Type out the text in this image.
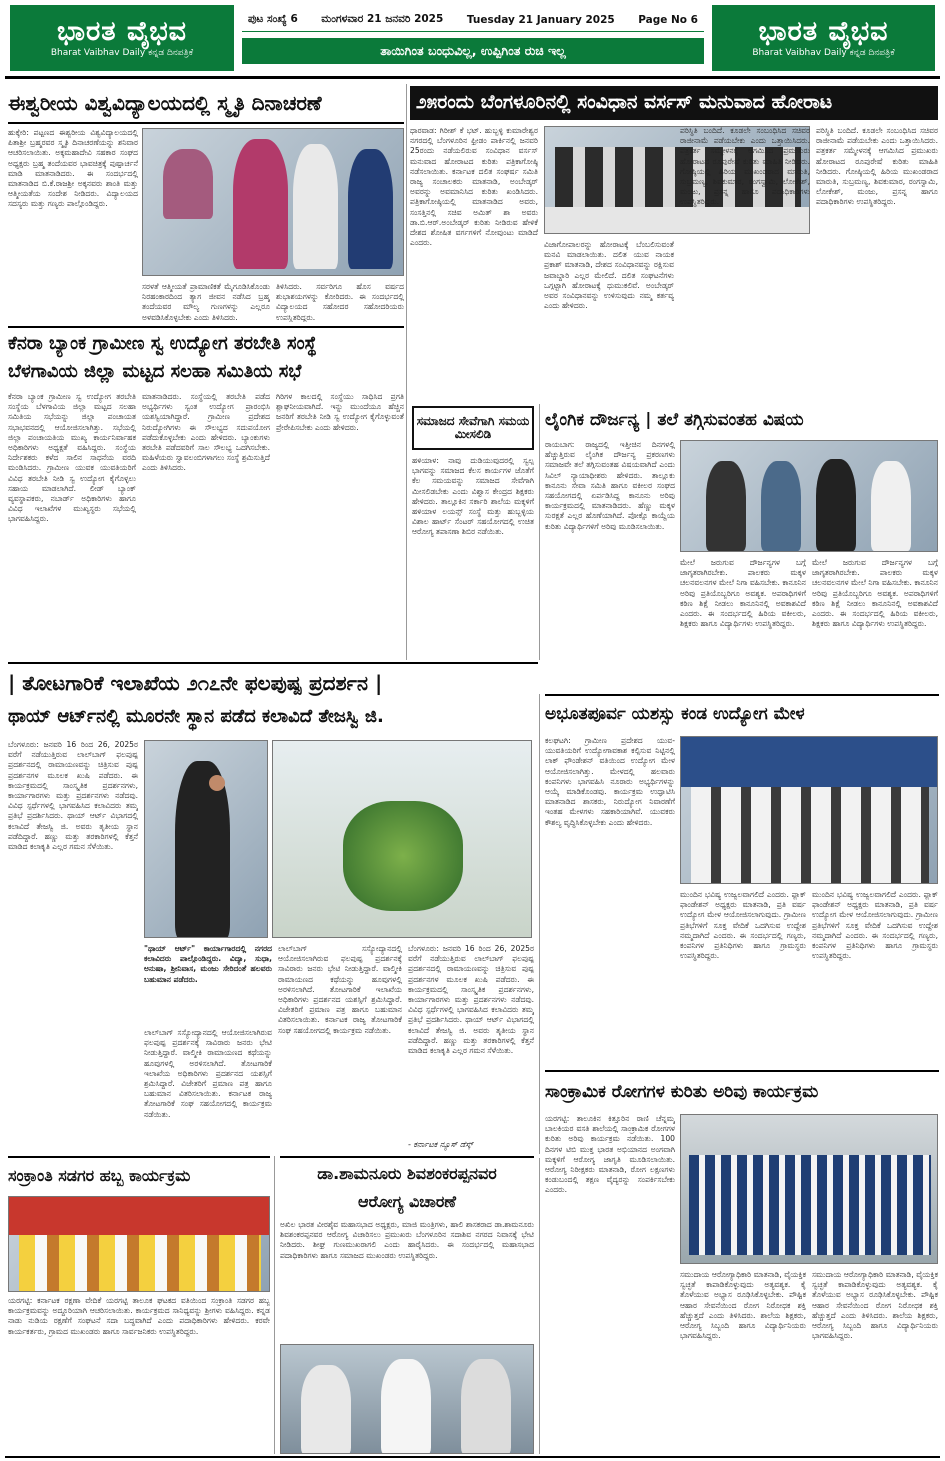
ಭಾರತ ವೈಭವ
Bharat Vaibhav Daily ಕನ್ನಡ ದಿನಪತ್ರಿಕೆ
ಭಾರತ ವೈಭವ
Bharat Vaibhav Daily ಕನ್ನಡ ದಿನಪತ್ರಿಕೆ
ಪುಟ ಸಂಖ್ಯೆ 6 ಮಂಗಳವಾರ 21 ಜನವರಿ 2025 Tuesday 21 January 2025 Page No 6
ತಾಯಿಗಿಂತ ಬಂಧುವಿಲ್ಲ, ಉಪ್ಪಿಗಿಂತ ರುಚಿ ಇಲ್ಲ
ಈಶ್ವರೀಯ ವಿಶ್ವವಿದ್ಯಾಲಯದಲ್ಲಿ ಸ್ಮೃತಿ ದಿನಾಚರಣೆ
ಹುಕ್ಕೇರಿ: ಪಟ್ಟಣದ ಈಶ್ವರೀಯ ವಿಶ್ವವಿದ್ಯಾಲಯದಲ್ಲಿ ಪಿತಾಶ್ರೀ ಬ್ರಹ್ಮರವರ ಸ್ಮೃತಿ ದಿನಾಚರಣೆಯನ್ನು ಶನಿವಾರ ಆಚರಿಸಲಾಯಿತು. ಅಕ್ಕಮಹಾದೇವಿ ಸಹಕಾರ ಸಂಘದ ಅಧ್ಯಕ್ಷರು ಬ್ರಹ್ಮ ತಂದೆಯವರ ಭಾವಚಿತ್ರಕ್ಕೆ ಪುಷ್ಪಾರ್ಚನೆ ಮಾಡಿ ಮಾತನಾಡಿದರು. ಈ ಸಂದರ್ಭದಲ್ಲಿ ಮಾತನಾಡಿದ ಬಿ.ಕೆ.ರಾಜಶ್ರೀ ಅಕ್ಕನವರು ಶಾಂತಿ ಮತ್ತು ಆತ್ಮೀಯತೆಯ ಸಂದೇಶ ನೀಡಿದರು. ವಿದ್ಯಾಲಯದ ಸದಸ್ಯರು ಮತ್ತು ಗಣ್ಯರು ಪಾಲ್ಗೊಂಡಿದ್ದರು.
ಸರಳತೆ ಆತ್ಮೀಯತೆ ಪ್ರಾಮಾಣಿಕತೆ ಮೈಗೂಡಿಸಿಕೊಂಡು ನಿರಹಂಕಾರದಿಂದ ತ್ಯಾಗ ಜೀವನ ನಡೆಸಿದ ಬ್ರಹ್ಮ ತಂದೆಯವರ ಮೌಲ್ಯ ಗುಣಗಳನ್ನು ಎಲ್ಲರೂ ಅಳವಡಿಸಿಕೊಳ್ಳಬೇಕು ಎಂದು ತಿಳಿಸಿದರು.
ತಿಳಿಸಿದರು. ಸರ್ವರಿಗೂ ಹೊಸ ವರ್ಷದ ಶುಭಾಶಯಗಳನ್ನು ಕೋರಿದರು. ಈ ಸಂದರ್ಭದಲ್ಲಿ ವಿದ್ಯಾಲಯದ ಸಹೋದರ ಸಹೋದರಿಯರು ಉಪಸ್ಥಿತರಿದ್ದರು.
೨೫ರಂದು ಬೆಂಗಳೂರಿನಲ್ಲಿ ಸಂವಿಧಾನ ವರ್ಸಸ್ ಮನುವಾದ ಹೋರಾಟ
ಧಾರವಾಡ: ಗಿರೀಶ್ ಕೆ ಭಟ್. ಹುಬ್ಬಳ್ಳಿ ಕುಮಾರೇಶ್ವರ ನಗರದಲ್ಲಿ ಬೆಂಗಳೂರಿನ ಫ್ರೀಡಂ ಪಾರ್ಕಿನಲ್ಲಿ ಜನವರಿ 25ರಂದು ನಡೆಯಲಿರುವ ಸಂವಿಧಾನ ವರ್ಸಸ್ ಮನುವಾದ ಹೋರಾಟದ ಕುರಿತು ಪತ್ರಿಕಾಗೋಷ್ಠಿ ನಡೆಸಲಾಯಿತು. ಕರ್ನಾಟಕ ದಲಿತ ಸಂಘರ್ಷ ಸಮಿತಿ ರಾಜ್ಯ ಸಂಚಾಲಕರು ಮಾತನಾಡಿ, ಅಂಬೇಡ್ಕರ್ ಅವರನ್ನು ಅವಮಾನಿಸಿದ ಕುರಿತು ಖಂಡಿಸಿದರು. ಪತ್ರಿಕಾಗೋಷ್ಠಿಯಲ್ಲಿ ಮಾತನಾಡಿದ ಅವರು, ಸಂಸತ್ತಿನಲ್ಲಿ ಸಚಿವ ಅಮಿತ್ ಶಾ ಅವರು ಡಾ.ಬಿ.ಆರ್.ಅಂಬೇಡ್ಕರ್ ಕುರಿತು ನೀಡಿರುವ ಹೇಳಿಕೆ ದೇಶದ ಶೋಷಿತ ವರ್ಗಗಳಿಗೆ ನೋವುಂಟು ಮಾಡಿದೆ ಎಂದರು.	ವಿಜಾಗೋಪಾಲರನ್ನು ಹೋರಾಟಕ್ಕೆ ಬೆಂಬಲಿಸುವಂತೆ ಮನವಿ ಮಾಡಲಾಯಿತು. ದಲಿತ ಯುವ ನಾಯಕ ಪ್ರಕಾಶ್ ಮಾತನಾಡಿ, ದೇಶದ ಸಂವಿಧಾನವನ್ನು ರಕ್ಷಿಸುವ ಜವಾಬ್ದಾರಿ ಎಲ್ಲರ ಮೇಲಿದೆ. ದಲಿತ ಸಂಘಟನೆಗಳು ಒಗ್ಗಟ್ಟಾಗಿ ಹೋರಾಟಕ್ಕೆ ಧುಮುಕಲಿವೆ. ಅಂಬೇಡ್ಕರ್ ಅವರ ಸಂವಿಧಾನವನ್ನು ಉಳಿಸುವುದು ನಮ್ಮ ಕರ್ತವ್ಯ ಎಂದು ಹೇಳಿದರು.
ಪರಿಸ್ಥಿತಿ ಬಂದಿದೆ. ಕೂಡಲೇ ಸಂಬಂಧಿಸಿದ ಸಚಿವರ ರಾಜೀನಾಮೆ ಪಡೆಯಬೇಕು ಎಂದು ಒತ್ತಾಯಿಸಿದರು. ಪತ್ರಕರ್ತ ಸಮ್ಮೇಳನಕ್ಕೆ ಆಗಮಿಸಿದ ಪ್ರಮುಖರು ಹೋರಾಟದ ರೂಪುರೇಷೆ ಕುರಿತು ಮಾಹಿತಿ ನೀಡಿದರು. ಗೋಷ್ಠಿಯಲ್ಲಿ ಹಿರಿಯ ಮುಖಂಡರಾದ ಮಾರುತಿ, ಸುಬ್ರಮಣ್ಯ, ಶಿವಕುಮಾರ, ರಂಗಸ್ವಾಮಿ, ಲೋಕೇಶ್, ಮಂಜು, ಪ್ರಸನ್ನ ಹಾಗೂ ಪದಾಧಿಕಾರಿಗಳು ಉಪಸ್ಥಿತರಿದ್ದರು.
ಪರಿಸ್ಥಿತಿ ಬಂದಿದೆ. ಕೂಡಲೇ ಸಂಬಂಧಿಸಿದ ಸಚಿವರ ರಾಜೀನಾಮೆ ಪಡೆಯಬೇಕು ಎಂದು ಒತ್ತಾಯಿಸಿದರು. ಪತ್ರಕರ್ತ ಸಮ್ಮೇಳನಕ್ಕೆ ಆಗಮಿಸಿದ ಪ್ರಮುಖರು ಹೋರಾಟದ ರೂಪುರೇಷೆ ಕುರಿತು ಮಾಹಿತಿ ನೀಡಿದರು. ಗೋಷ್ಠಿಯಲ್ಲಿ ಹಿರಿಯ ಮುಖಂಡರಾದ ಮಾರುತಿ, ಸುಬ್ರಮಣ್ಯ, ಶಿವಕುಮಾರ, ರಂಗಸ್ವಾಮಿ, ಲೋಕೇಶ್, ಮಂಜು, ಪ್ರಸನ್ನ ಹಾಗೂ ಪದಾಧಿಕಾರಿಗಳು ಉಪಸ್ಥಿತರಿದ್ದರು.
ಕೆನರಾ ಬ್ಯಾಂಕ ಗ್ರಾಮೀಣ ಸ್ವ ಉದ್ಯೋಗ ತರಬೇತಿ ಸಂಸ್ಥೆ
ಬೆಳಗಾವಿಯ ಜಿಲ್ಲಾ ಮಟ್ಟದ ಸಲಹಾ ಸಮಿತಿಯ ಸಭೆ
ಕೆನರಾ ಬ್ಯಾಂಕ ಗ್ರಾಮೀಣ ಸ್ವ ಉದ್ಯೋಗ ತರಬೇತಿ ಸಂಸ್ಥೆಯ ಬೆಳಗಾವಿಯ ಜಿಲ್ಲಾ ಮಟ್ಟದ ಸಲಹಾ ಸಮಿತಿಯ ಸಭೆಯನ್ನು ಜಿಲ್ಲಾ ಪಂಚಾಯತ ಸಭಾಭವನದಲ್ಲಿ ಆಯೋಜಿಸಲಾಗಿತ್ತು. ಸಭೆಯಲ್ಲಿ ಜಿಲ್ಲಾ ಪಂಚಾಯತಿಯ ಮುಖ್ಯ ಕಾರ್ಯನಿರ್ವಾಹಕ ಅಧಿಕಾರಿಗಳು ಅಧ್ಯಕ್ಷತೆ ವಹಿಸಿದ್ದರು. ಸಂಸ್ಥೆಯ ನಿರ್ದೇಶಕರು ಕಳೆದ ಸಾಲಿನ ಸಾಧನೆಯ ವರದಿ ಮಂಡಿಸಿದರು. ಗ್ರಾಮೀಣ ಯುವಕ ಯುವತಿಯರಿಗೆ ವಿವಿಧ ತರಬೇತಿ ನೀಡಿ ಸ್ವ ಉದ್ಯೋಗ ಕೈಗೊಳ್ಳಲು ಸಹಾಯ ಮಾಡಲಾಗಿದೆ. ಲೀಡ್ ಬ್ಯಾಂಕ್ ವ್ಯವಸ್ಥಾಪಕರು, ನಬಾರ್ಡ್ ಅಧಿಕಾರಿಗಳು ಹಾಗೂ ವಿವಿಧ ಇಲಾಖೆಗಳ ಮುಖ್ಯಸ್ಥರು ಸಭೆಯಲ್ಲಿ ಭಾಗವಹಿಸಿದ್ದರು.
ಮಾತನಾಡಿದರು. ಸಂಸ್ಥೆಯಲ್ಲಿ ತರಬೇತಿ ಪಡೆದ ಅಭ್ಯರ್ಥಿಗಳು ಸ್ವಂತ ಉದ್ಯೋಗ ಪ್ರಾರಂಭಿಸಿ ಯಶಸ್ವಿಯಾಗಿದ್ದಾರೆ. ಗ್ರಾಮೀಣ ಪ್ರದೇಶದ ನಿರುದ್ಯೋಗಿಗಳು ಈ ಸೌಲಭ್ಯದ ಸದುಪಯೋಗ ಪಡೆದುಕೊಳ್ಳಬೇಕು ಎಂದು ಹೇಳಿದರು. ಬ್ಯಾಂಕುಗಳು ತರಬೇತಿ ಪಡೆದವರಿಗೆ ಸಾಲ ಸೌಲಭ್ಯ ಒದಗಿಸಬೇಕು. ಮಹಿಳೆಯರು ಸ್ವಾವಲಂಬಿಗಳಾಗಲು ಸಂಸ್ಥೆ ಶ್ರಮಿಸುತ್ತಿದೆ ಎಂದು ತಿಳಿಸಿದರು.
ಗಿರಿಗಳ ಕಾಲದಲ್ಲಿ ಸಂಸ್ಥೆಯು ಸಾಧಿಸಿದ ಪ್ರಗತಿ ಶ್ಲಾಘನೀಯವಾಗಿದೆ. ಇನ್ನು ಮುಂದೆಯೂ ಹೆಚ್ಚಿನ ಜನರಿಗೆ ತರಬೇತಿ ನೀಡಿ ಸ್ವ ಉದ್ಯೋಗ ಕೈಗೊಳ್ಳುವಂತೆ ಪ್ರೇರೇಪಿಸಬೇಕು ಎಂದು ಹೇಳಿದರು.	ಸಮಾಜದ ಸೇವೆಗಾಗಿ ಸಮಯ ಮೀಸಲಿಡಿ
ಹಳಿಯಾಳ: ನಾವು ದುಡಿಯುವುದರಲ್ಲಿ ಸ್ವಲ್ಪ ಭಾಗವನ್ನು ಸಮಾಜದ ಕೆಲಸ ಕಾರ್ಯಗಳ ಜೊತೆಗೆ ಕೆಲ ಸಮಯವನ್ನು ಸಮಾಜದ ಸೇವೆಗಾಗಿ ಮೀಸಲಿಡಬೇಕು ಎಂದು ವಿಶ್ವಾಸ ಕೇಂದ್ರದ ಶಿಕ್ಷಕರು ಹೇಳಿದರು. ತಾಲ್ಲೂಕಿನ ಸರ್ಕಾರಿ ಶಾಲೆಯ ಮಕ್ಕಳಿಗೆ ಹಳಿಯಾಳ ಲಯನ್ಸ್ ಸಂಸ್ಥೆ ಮತ್ತು ಹುಬ್ಬಳ್ಳಿಯ ವಿಶಾಲ ಹಾರ್ಟ್ ಸೆಂಟರ್ ಸಹಯೋಗದಲ್ಲಿ ಉಚಿತ ಆರೋಗ್ಯ ತಪಾಸಣಾ ಶಿಬಿರ ನಡೆಯಿತು.
ಲೈಂಗಿಕ ದೌರ್ಜನ್ಯ | ತಲೆ ತಗ್ಗಿಸುವಂತಹ ವಿಷಯ
ರಾಯಬಾಗ: ರಾಜ್ಯದಲ್ಲಿ ಇತ್ತೀಚಿನ ದಿನಗಳಲ್ಲಿ ಹೆಚ್ಚುತ್ತಿರುವ ಲೈಂಗಿಕ ದೌರ್ಜನ್ಯ ಪ್ರಕರಣಗಳು ಸಮಾಜವೇ ತಲೆ ತಗ್ಗಿಸುವಂತಹ ವಿಷಯವಾಗಿದೆ ಎಂದು ಸಿವಿಲ್ ನ್ಯಾಯಾಧೀಶರು ಹೇಳಿದರು. ತಾಲ್ಲೂಕು ಕಾನೂನು ಸೇವಾ ಸಮಿತಿ ಹಾಗೂ ವಕೀಲರ ಸಂಘದ ಸಹಯೋಗದಲ್ಲಿ ಏರ್ಪಡಿಸಿದ್ದ ಕಾನೂನು ಅರಿವು ಕಾರ್ಯಕ್ರಮದಲ್ಲಿ ಮಾತನಾಡಿದರು. ಹೆಣ್ಣು ಮಕ್ಕಳ ಸುರಕ್ಷತೆ ಎಲ್ಲರ ಹೊಣೆಯಾಗಿದೆ. ಪೋಕ್ಸೊ ಕಾಯ್ದೆಯ ಕುರಿತು ವಿದ್ಯಾರ್ಥಿಗಳಿಗೆ ಅರಿವು ಮೂಡಿಸಲಾಯಿತು.
ಮೇಲೆ ಜರುಗುವ ದೌರ್ಜನ್ಯಗಳ ಬಗ್ಗೆ ಜಾಗೃತರಾಗಿರಬೇಕು. ಪಾಲಕರು ಮಕ್ಕಳ ಚಲನವಲನಗಳ ಮೇಲೆ ನಿಗಾ ವಹಿಸಬೇಕು. ಕಾನೂನಿನ ಅರಿವು ಪ್ರತಿಯೊಬ್ಬರಿಗೂ ಅವಶ್ಯಕ. ಅಪರಾಧಿಗಳಿಗೆ ಕಠಿಣ ಶಿಕ್ಷೆ ನೀಡಲು ಕಾನೂನಿನಲ್ಲಿ ಅವಕಾಶವಿದೆ ಎಂದರು. ಈ ಸಂದರ್ಭದಲ್ಲಿ ಹಿರಿಯ ವಕೀಲರು, ಶಿಕ್ಷಕರು ಹಾಗೂ ವಿದ್ಯಾರ್ಥಿಗಳು ಉಪಸ್ಥಿತರಿದ್ದರು.
ಮೇಲೆ ಜರುಗುವ ದೌರ್ಜನ್ಯಗಳ ಬಗ್ಗೆ ಜಾಗೃತರಾಗಿರಬೇಕು. ಪಾಲಕರು ಮಕ್ಕಳ ಚಲನವಲನಗಳ ಮೇಲೆ ನಿಗಾ ವಹಿಸಬೇಕು. ಕಾನೂನಿನ ಅರಿವು ಪ್ರತಿಯೊಬ್ಬರಿಗೂ ಅವಶ್ಯಕ. ಅಪರಾಧಿಗಳಿಗೆ ಕಠಿಣ ಶಿಕ್ಷೆ ನೀಡಲು ಕಾನೂನಿನಲ್ಲಿ ಅವಕಾಶವಿದೆ ಎಂದರು. ಈ ಸಂದರ್ಭದಲ್ಲಿ ಹಿರಿಯ ವಕೀಲರು, ಶಿಕ್ಷಕರು ಹಾಗೂ ವಿದ್ಯಾರ್ಥಿಗಳು ಉಪಸ್ಥಿತರಿದ್ದರು.
| ತೋಟಗಾರಿಕೆ ಇಲಾಖೆಯ ೨೧೭ನೇ ಫಲಪುಷ್ಪ ಪ್ರದರ್ಶನ |
ಥಾಯ್ ಆರ್ಟ್‌ನಲ್ಲಿ ಮೂರನೇ ಸ್ಥಾನ ಪಡೆದ ಕಲಾವಿದೆ ತೇಜಸ್ವಿ ಜಿ.
ಬೆಂಗಳೂರು: ಜನವರಿ 16 ರಿಂದ 26, 2025ರ ವರೆಗೆ ನಡೆಯುತ್ತಿರುವ ಲಾಲ್‌ಬಾಗ್ ಫಲಪುಷ್ಪ ಪ್ರದರ್ಶನದಲ್ಲಿ ರಾಮಾಯಣವನ್ನು ಚಿತ್ರಿಸುವ ಪುಷ್ಪ ಪ್ರದರ್ಶನಗಳ ಮೂಲಕ ಖುಷಿ ಪಡೆದರು. ಈ ಕಾರ್ಯಕ್ರಮದಲ್ಲಿ ಸಾಂಸ್ಕೃತಿಕ ಪ್ರದರ್ಶನಗಳು, ಕಾರ್ಯಾಗಾರಗಳು ಮತ್ತು ಪ್ರದರ್ಶನಗಳು ನಡೆದವು. ವಿವಿಧ ಸ್ಪರ್ಧೆಗಳಲ್ಲಿ ಭಾಗವಹಿಸಿದ ಕಲಾವಿದರು ತಮ್ಮ ಪ್ರತಿಭೆ ಪ್ರದರ್ಶಿಸಿದರು. ಥಾಯ್ ಆರ್ಟ್ ವಿಭಾಗದಲ್ಲಿ ಕಲಾವಿದೆ ತೇಜಸ್ವಿ ಜಿ. ಅವರು ತೃತೀಯ ಸ್ಥಾನ ಪಡೆದಿದ್ದಾರೆ. ಹಣ್ಣು ಮತ್ತು ತರಕಾರಿಗಳಲ್ಲಿ ಕೆತ್ತನೆ ಮಾಡಿದ ಕಲಾಕೃತಿ ಎಲ್ಲರ ಗಮನ ಸೆಳೆಯಿತು.
"ಥಾಯ್ ಆರ್ಟ್" ಕಾರ್ಯಾಗಾರದಲ್ಲಿ ನಗರದ ಕಲಾವಿದರು ಪಾಲ್ಗೊಂಡಿದ್ದರು. ವಿದ್ಯಾ, ಸುಧಾ, ಅನುಷಾ, ಶ್ರೀನಿವಾಸ, ಮಂಜು ಸೇರಿದಂತೆ ಹಲವರು ಬಹುಮಾನ ಪಡೆದರು.
ಲಾಲ್‌ಬಾಗ್ ಸಸ್ಯೋದ್ಯಾನದಲ್ಲಿ ಆಯೋಜಿಸಲಾಗಿರುವ ಫಲಪುಷ್ಪ ಪ್ರದರ್ಶನಕ್ಕೆ ಸಾವಿರಾರು ಜನರು ಭೇಟಿ ನೀಡುತ್ತಿದ್ದಾರೆ. ವಾಲ್ಮೀಕಿ ರಾಮಾಯಣದ ಕಥೆಯನ್ನು ಹೂವುಗಳಲ್ಲಿ ಅರಳಿಸಲಾಗಿದೆ. ತೋಟಗಾರಿಕೆ ಇಲಾಖೆಯ ಅಧಿಕಾರಿಗಳು ಪ್ರದರ್ಶನದ ಯಶಸ್ಸಿಗೆ ಶ್ರಮಿಸಿದ್ದಾರೆ. ವಿಜೇತರಿಗೆ ಪ್ರಮಾಣ ಪತ್ರ ಹಾಗೂ ಬಹುಮಾನ ವಿತರಿಸಲಾಯಿತು. ಕರ್ನಾಟಕ ರಾಜ್ಯ ತೋಟಗಾರಿಕೆ ಸಂಘ ಸಹಯೋಗದಲ್ಲಿ ಕಾರ್ಯಕ್ರಮ ನಡೆಯಿತು.
ಲಾಲ್‌ಬಾಗ್ ಸಸ್ಯೋದ್ಯಾನದಲ್ಲಿ ಆಯೋಜಿಸಲಾಗಿರುವ ಫಲಪುಷ್ಪ ಪ್ರದರ್ಶನಕ್ಕೆ ಸಾವಿರಾರು ಜನರು ಭೇಟಿ ನೀಡುತ್ತಿದ್ದಾರೆ. ವಾಲ್ಮೀಕಿ ರಾಮಾಯಣದ ಕಥೆಯನ್ನು ಹೂವುಗಳಲ್ಲಿ ಅರಳಿಸಲಾಗಿದೆ. ತೋಟಗಾರಿಕೆ ಇಲಾಖೆಯ ಅಧಿಕಾರಿಗಳು ಪ್ರದರ್ಶನದ ಯಶಸ್ಸಿಗೆ ಶ್ರಮಿಸಿದ್ದಾರೆ. ವಿಜೇತರಿಗೆ ಪ್ರಮಾಣ ಪತ್ರ ಹಾಗೂ ಬಹುಮಾನ ವಿತರಿಸಲಾಯಿತು. ಕರ್ನಾಟಕ ರಾಜ್ಯ ತೋಟಗಾರಿಕೆ ಸಂಘ ಸಹಯೋಗದಲ್ಲಿ ಕಾರ್ಯಕ್ರಮ ನಡೆಯಿತು.
ಬೆಂಗಳೂರು: ಜನವರಿ 16 ರಿಂದ 26, 2025ರ ವರೆಗೆ ನಡೆಯುತ್ತಿರುವ ಲಾಲ್‌ಬಾಗ್ ಫಲಪುಷ್ಪ ಪ್ರದರ್ಶನದಲ್ಲಿ ರಾಮಾಯಣವನ್ನು ಚಿತ್ರಿಸುವ ಪುಷ್ಪ ಪ್ರದರ್ಶನಗಳ ಮೂಲಕ ಖುಷಿ ಪಡೆದರು. ಈ ಕಾರ್ಯಕ್ರಮದಲ್ಲಿ ಸಾಂಸ್ಕೃತಿಕ ಪ್ರದರ್ಶನಗಳು, ಕಾರ್ಯಾಗಾರಗಳು ಮತ್ತು ಪ್ರದರ್ಶನಗಳು ನಡೆದವು. ವಿವಿಧ ಸ್ಪರ್ಧೆಗಳಲ್ಲಿ ಭಾಗವಹಿಸಿದ ಕಲಾವಿದರು ತಮ್ಮ ಪ್ರತಿಭೆ ಪ್ರದರ್ಶಿಸಿದರು. ಥಾಯ್ ಆರ್ಟ್ ವಿಭಾಗದಲ್ಲಿ ಕಲಾವಿದೆ ತೇಜಸ್ವಿ ಜಿ. ಅವರು ತೃತೀಯ ಸ್ಥಾನ ಪಡೆದಿದ್ದಾರೆ. ಹಣ್ಣು ಮತ್ತು ತರಕಾರಿಗಳಲ್ಲಿ ಕೆತ್ತನೆ ಮಾಡಿದ ಕಲಾಕೃತಿ ಎಲ್ಲರ ಗಮನ ಸೆಳೆಯಿತು.
- ಕರ್ನಾಟಕ ನ್ಯೂಸ್ ಡೆಸ್ಕ್
ಅಭೂತಪೂರ್ವ ಯಶಸ್ಸು ಕಂಡ ಉದ್ಯೋಗ ಮೇಳ
ಕಲಘಟಗಿ: ಗ್ರಾಮೀಣ ಪ್ರದೇಶದ ಯುವ-ಯುವತಿಯರಿಗೆ ಉದ್ಯೋಗಾವಕಾಶ ಕಲ್ಪಿಸುವ ನಿಟ್ಟಿನಲ್ಲಿ ಲಾಕ್ ಫೌಂಡೇಶನ್ ವತಿಯಿಂದ ಉದ್ಯೋಗ ಮೇಳ ಆಯೋಜಿಸಲಾಗಿತ್ತು. ಮೇಳದಲ್ಲಿ ಹಲವಾರು ಕಂಪನಿಗಳು ಭಾಗವಹಿಸಿ ನೂರಾರು ಅಭ್ಯರ್ಥಿಗಳನ್ನು ಆಯ್ಕೆ ಮಾಡಿಕೊಂಡವು. ಕಾರ್ಯಕ್ರಮ ಉದ್ಘಾಟಿಸಿ ಮಾತನಾಡಿದ ಶಾಸಕರು, ನಿರುದ್ಯೋಗ ನಿವಾರಣೆಗೆ ಇಂತಹ ಮೇಳಗಳು ಸಹಕಾರಿಯಾಗಿವೆ. ಯುವಕರು ಕೌಶಲ್ಯ ವೃದ್ಧಿಸಿಕೊಳ್ಳಬೇಕು ಎಂದು ಹೇಳಿದರು.
ಮುಂದಿನ ಭವಿಷ್ಯ ಉಜ್ವಲವಾಗಲಿದೆ ಎಂದರು. ಫ್ಲಾಕ್ ಫಾಂಡೇಶನ್ ಅಧ್ಯಕ್ಷರು ಮಾತನಾಡಿ, ಪ್ರತಿ ವರ್ಷ ಉದ್ಯೋಗ ಮೇಳ ಆಯೋಜಿಸಲಾಗುವುದು. ಗ್ರಾಮೀಣ ಪ್ರತಿಭೆಗಳಿಗೆ ಸೂಕ್ತ ವೇದಿಕೆ ಒದಗಿಸುವ ಉದ್ದೇಶ ನಮ್ಮದಾಗಿದೆ ಎಂದರು. ಈ ಸಂದರ್ಭದಲ್ಲಿ ಗಣ್ಯರು, ಕಂಪನಿಗಳ ಪ್ರತಿನಿಧಿಗಳು ಹಾಗೂ ಗ್ರಾಮಸ್ಥರು ಉಪಸ್ಥಿತರಿದ್ದರು.
ಮುಂದಿನ ಭವಿಷ್ಯ ಉಜ್ವಲವಾಗಲಿದೆ ಎಂದರು. ಫ್ಲಾಕ್ ಫಾಂಡೇಶನ್ ಅಧ್ಯಕ್ಷರು ಮಾತನಾಡಿ, ಪ್ರತಿ ವರ್ಷ ಉದ್ಯೋಗ ಮೇಳ ಆಯೋಜಿಸಲಾಗುವುದು. ಗ್ರಾಮೀಣ ಪ್ರತಿಭೆಗಳಿಗೆ ಸೂಕ್ತ ವೇದಿಕೆ ಒದಗಿಸುವ ಉದ್ದೇಶ ನಮ್ಮದಾಗಿದೆ ಎಂದರು. ಈ ಸಂದರ್ಭದಲ್ಲಿ ಗಣ್ಯರು, ಕಂಪನಿಗಳ ಪ್ರತಿನಿಧಿಗಳು ಹಾಗೂ ಗ್ರಾಮಸ್ಥರು ಉಪಸ್ಥಿತರಿದ್ದರು.
ಸಾಂಕ್ರಾಮಿಕ ರೋಗಗಳ ಕುರಿತು ಅರಿವು ಕಾರ್ಯಕ್ರಮ
ಯರಗಟ್ಟಿ: ತಾಲೂಕಿನ ಕಿತ್ತೂರಿನ ರಾಣಿ ಚೆನ್ನಮ್ಮ ಬಾಲಕಿಯರ ವಸತಿ ಶಾಲೆಯಲ್ಲಿ ಸಾಂಕ್ರಾಮಿಕ ರೋಗಗಳ ಕುರಿತು ಅರಿವು ಕಾರ್ಯಕ್ರಮ ನಡೆಯಿತು. 100 ದಿನಗಳ ಟಿಬಿ ಮುಕ್ತ ಭಾರತ ಅಭಿಯಾನದ ಅಂಗವಾಗಿ ಮಕ್ಕಳಿಗೆ ಆರೋಗ್ಯ ಜಾಗೃತಿ ಮೂಡಿಸಲಾಯಿತು. ಆರೋಗ್ಯ ನಿರೀಕ್ಷಕರು ಮಾತನಾಡಿ, ರೋಗ ಲಕ್ಷಣಗಳು ಕಂಡುಬಂದಲ್ಲಿ ತಕ್ಷಣ ವೈದ್ಯರನ್ನು ಸಂಪರ್ಕಿಸಬೇಕು ಎಂದರು.
ಸಮುದಾಯ ಆರೋಗ್ಯಾಧಿಕಾರಿ ಮಾತನಾಡಿ, ವೈಯಕ್ತಿಕ ಸ್ವಚ್ಛತೆ ಕಾಪಾಡಿಕೊಳ್ಳುವುದು ಅತ್ಯವಶ್ಯಕ. ಕೈ ತೊಳೆಯುವ ಅಭ್ಯಾಸ ರೂಢಿಸಿಕೊಳ್ಳಬೇಕು. ಪೌಷ್ಟಿಕ ಆಹಾರ ಸೇವನೆಯಿಂದ ರೋಗ ನಿರೋಧಕ ಶಕ್ತಿ ಹೆಚ್ಚುತ್ತದೆ ಎಂದು ತಿಳಿಸಿದರು. ಶಾಲೆಯ ಶಿಕ್ಷಕರು, ಆರೋಗ್ಯ ಸಿಬ್ಬಂದಿ ಹಾಗೂ ವಿದ್ಯಾರ್ಥಿನಿಯರು ಭಾಗವಹಿಸಿದ್ದರು.
ಸಮುದಾಯ ಆರೋಗ್ಯಾಧಿಕಾರಿ ಮಾತನಾಡಿ, ವೈಯಕ್ತಿಕ ಸ್ವಚ್ಛತೆ ಕಾಪಾಡಿಕೊಳ್ಳುವುದು ಅತ್ಯವಶ್ಯಕ. ಕೈ ತೊಳೆಯುವ ಅಭ್ಯಾಸ ರೂಢಿಸಿಕೊಳ್ಳಬೇಕು. ಪೌಷ್ಟಿಕ ಆಹಾರ ಸೇವನೆಯಿಂದ ರೋಗ ನಿರೋಧಕ ಶಕ್ತಿ ಹೆಚ್ಚುತ್ತದೆ ಎಂದು ತಿಳಿಸಿದರು. ಶಾಲೆಯ ಶಿಕ್ಷಕರು, ಆರೋಗ್ಯ ಸಿಬ್ಬಂದಿ ಹಾಗೂ ವಿದ್ಯಾರ್ಥಿನಿಯರು ಭಾಗವಹಿಸಿದ್ದರು.
ಸಂಕ್ರಾಂತಿ ಸಡಗರ ಹಬ್ಬ ಕಾರ್ಯಕ್ರಮ
ಯರಗಟ್ಟಿ: ಕರ್ನಾಟಕ ರಕ್ಷಣಾ ವೇದಿಕೆ ಯರಗಟ್ಟಿ ತಾಲೂಕ ಘಟಕದ ವತಿಯಿಂದ ಸಂಕ್ರಾಂತಿ ಸಡಗರ ಹಬ್ಬ ಕಾರ್ಯಕ್ರಮವನ್ನು ಅದ್ದೂರಿಯಾಗಿ ಆಚರಿಸಲಾಯಿತು. ಕಾರ್ಯಕ್ರಮದ ಸಾನಿಧ್ಯವನ್ನು ಶ್ರೀಗಳು ವಹಿಸಿದ್ದರು. ಕನ್ನಡ ನಾಡು ನುಡಿಯ ರಕ್ಷಣೆಗೆ ಸಂಘಟನೆ ಸದಾ ಬದ್ಧವಾಗಿದೆ ಎಂದು ಪದಾಧಿಕಾರಿಗಳು ಹೇಳಿದರು. ಕರವೇ ಕಾರ್ಯಕರ್ತರು, ಗ್ರಾಮದ ಮುಖಂಡರು ಹಾಗೂ ಸಾರ್ವಜನಿಕರು ಉಪಸ್ಥಿತರಿದ್ದರು.
ಡಾ.ಶಾಮನೂರು ಶಿವಶಂಕರಪ್ಪನವರ
ಆರೋಗ್ಯ ವಿಚಾರಣೆ
ಅಖಿಲ ಭಾರತ ವೀರಶೈವ ಮಹಾಸಭಾದ ಅಧ್ಯಕ್ಷರು, ಮಾಜಿ ಮಂತ್ರಿಗಳು, ಹಾಲಿ ಶಾಸಕರಾದ ಡಾ.ಶಾಮನೂರು ಶಿವಶಂಕರಪ್ಪನವರ ಆರೋಗ್ಯ ವಿಚಾರಿಸಲು ಪ್ರಮುಖರು ಬೆಂಗಳೂರಿನ ಸದಾಶಿವ ನಗರದ ನಿವಾಸಕ್ಕೆ ಭೇಟಿ ನೀಡಿದರು. ಶೀಘ್ರ ಗುಣಮುಖರಾಗಲಿ ಎಂದು ಹಾರೈಸಿದರು. ಈ ಸಂದರ್ಭದಲ್ಲಿ ಮಹಾಸಭಾದ ಪದಾಧಿಕಾರಿಗಳು ಹಾಗೂ ಸಮಾಜದ ಮುಖಂಡರು ಉಪಸ್ಥಿತರಿದ್ದರು.
